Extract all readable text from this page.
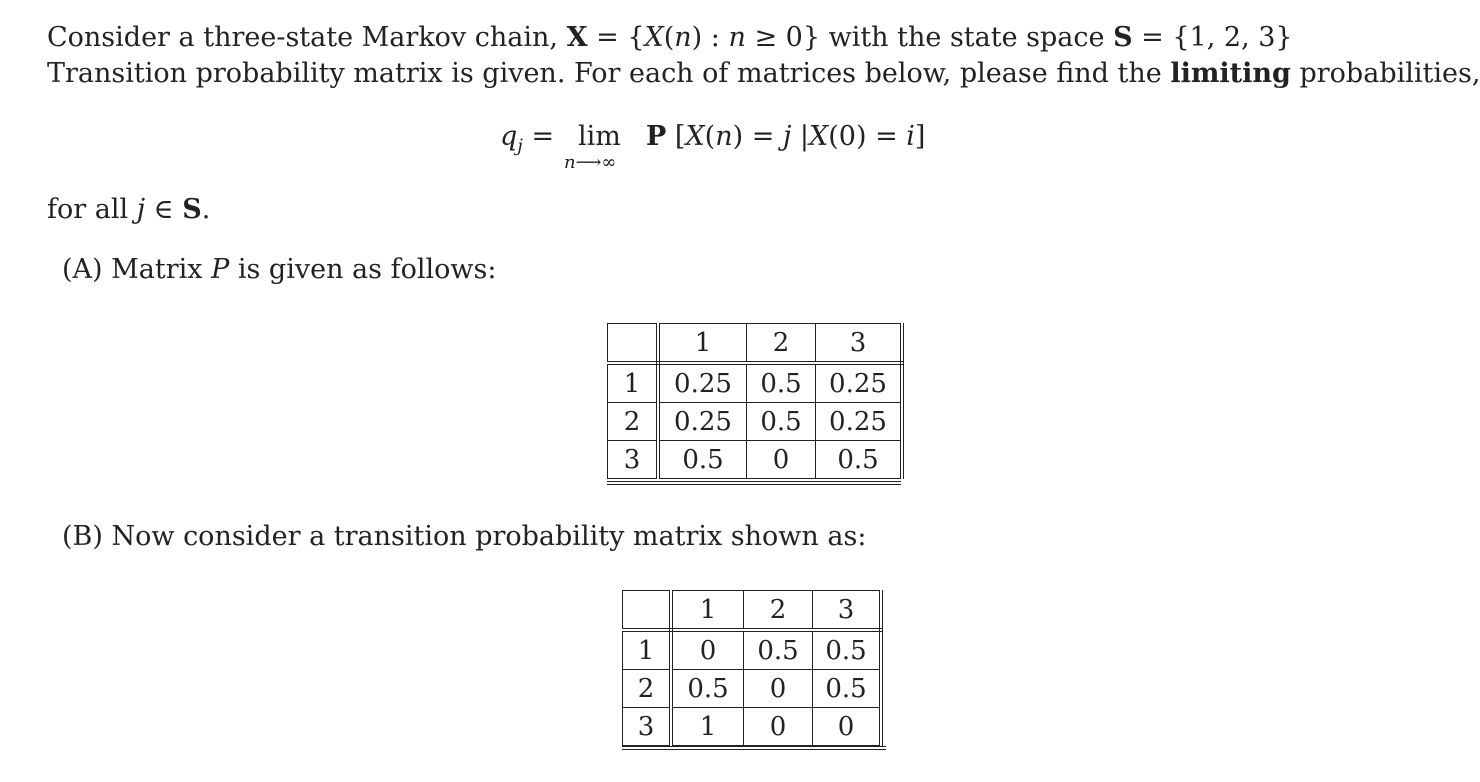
Consider a three-state Markov chain, X = {X(n) : n ≥ 0} with the state space S = {1, 2, 3}
Transition probability matrix is given. For each of matrices below, please find the limiting probabilities,
$q_j = \lim$
n⟶∞
P [X(n) = j |X(0) = i]
for all j ∈ S.
(A) Matrix P is given as follows:
	1	2	3
1	0.25	0.5	0.25
2	0.25	0.5	0.25
3	0.5	0	0.5
(B) Now consider a transition probability matrix shown as:
	1	2	3
1	0	0.5	0.5
2	0.5	0	0.5
3	1	0	0
